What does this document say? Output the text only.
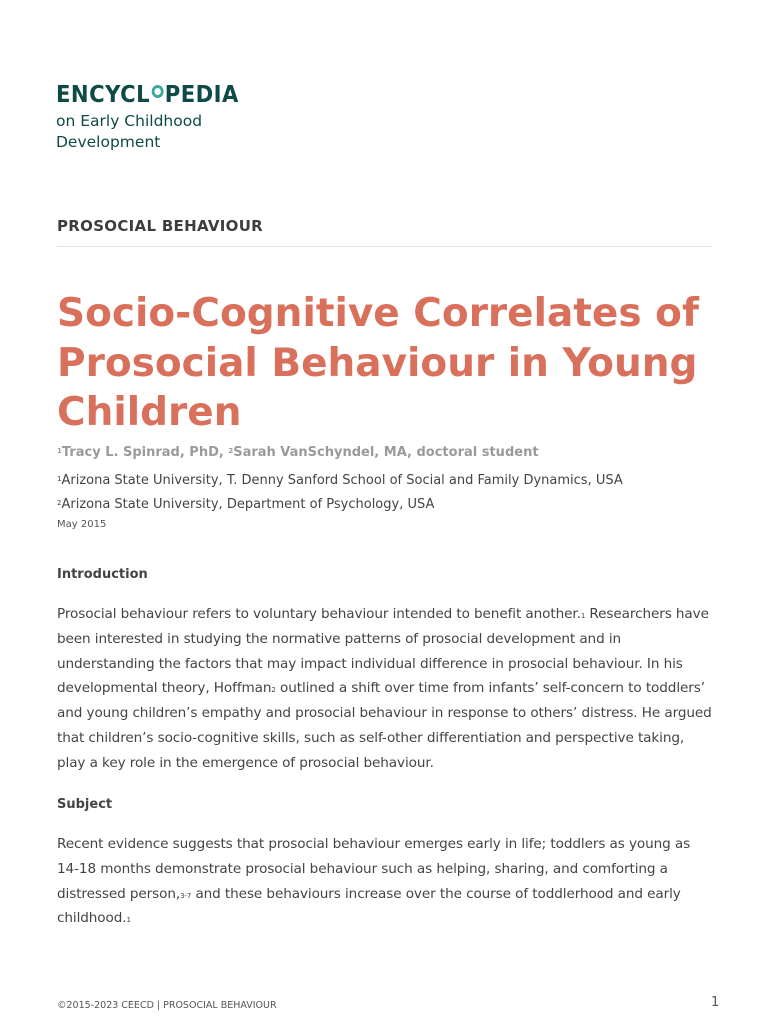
ENCYCL PEDIA
on Early Childhood
Development
PROSOCIAL BEHAVIOUR
Socio-Cognitive Correlates of Prosocial Behaviour in Young Children
$^1$Tracy L. Spinrad, PhD, $^2$Sarah VanSchyndel, MA, doctoral student
$^1$Arizona State University, T. Denny Sanford School of Social and Family Dynamics, USA
$^2$Arizona State University, Department of Psychology, USA
May 2015
Introduction

Prosocial behaviour refers to voluntary behaviour intended to benefit another.$^1$ Researchers have been interested in studying the normative patterns of prosocial development and in understanding the factors that may impact individual difference in prosocial behaviour. In his developmental theory, Hoffman$^2$ outlined a shift over time from infants’ self-concern to toddlers’ and young children’s empathy and prosocial behaviour in response to others’ distress. He argued that children’s socio-cognitive skills, such as self-other differentiation and perspective taking, play a key role in the emergence of prosocial behaviour.

Subject

Recent evidence suggests that prosocial behaviour emerges early in life; toddlers as young as 14-18 months demonstrate prosocial behaviour such as helping, sharing, and comforting a distressed person,$^{3-7}$ and these behaviours increase over the course of toddlerhood and early childhood.$^1$

©2015-2023 CEECD | PROSOCIAL BEHAVIOUR	1
